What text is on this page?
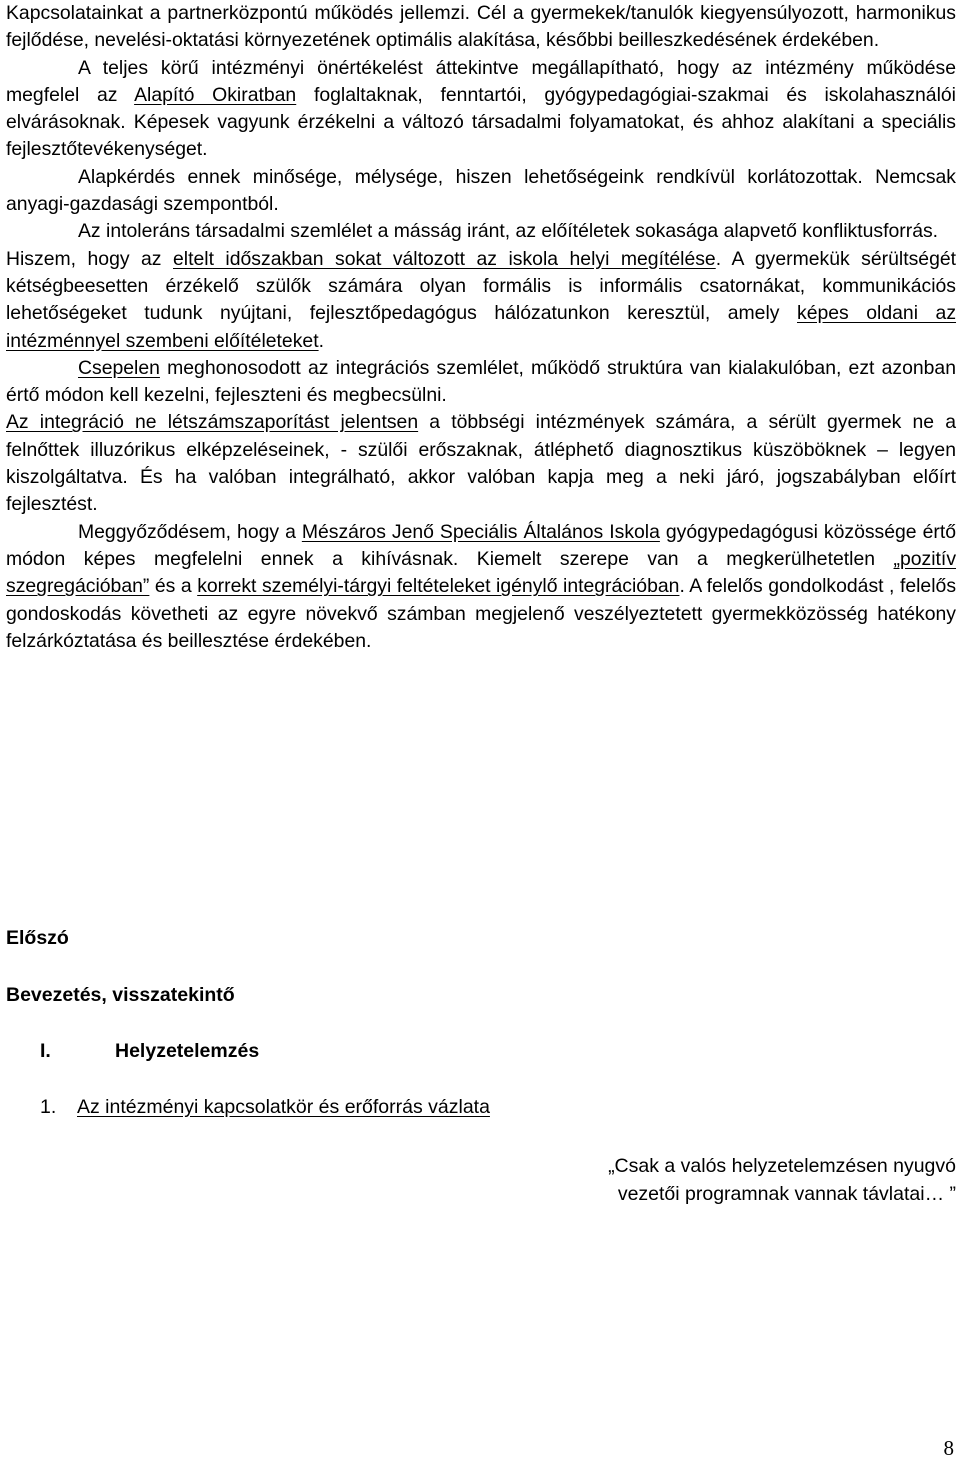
Kapcsolatainkat a partnerközpontú működés jellemzi. Cél a gyermekek/tanulók kiegyensúlyozott, harmonikus fejlődése, nevelési-oktatási környezetének optimális alakítása, későbbi beilleszkedésének érdekében.

A teljes körű intézményi önértékelést áttekintve megállapítható, hogy az intézmény működése megfelel az Alapító Okiratban foglaltaknak, fenntartói, gyógypedagógiai-szakmai és iskolahasználói elvárásoknak. Képesek vagyunk érzékelni a változó társadalmi folyamatokat, és ahhoz alakítani a speciális fejlesztőtevékenységet.

Alapkérdés ennek minősége, mélysége, hiszen lehetőségeink rendkívül korlátozottak. Nemcsak anyagi-gazdasági szempontból.

Az intoleráns társadalmi szemlélet a másság iránt, az előítéletek sokasága alapvető konfliktusforrás.

Hiszem, hogy az eltelt időszakban sokat változott az iskola helyi megítélése. A gyermekük sérültségét kétségbeesetten érzékelő szülők számára olyan formális is informális csatornákat, kommunikációs lehetőségeket tudunk nyújtani, fejlesztőpedagógus hálózatunkon keresztül, amely képes oldani az intézménnyel szembeni előítéleteket.

Csepelen meghonosodott az integrációs szemlélet, működő struktúra van kialakulóban, ezt azonban értő módon kell kezelni, fejleszteni és megbecsülni.

Az integráció ne létszámszaporítást jelentsen a többségi intézmények számára, a sérült gyermek ne a felnőttek illuzórikus elképzeléseinek, - szülői erőszaknak, átléphető diagnosztikus küszöböknek – legyen kiszolgáltatva. És ha valóban integrálható, akkor valóban kapja meg a neki járó, jogszabályban előírt fejlesztést.

Meggyőződésem, hogy a Mészáros Jenő Speciális Általános Iskola gyógypedagógusi közössége értő módon képes megfelelni ennek a kihívásnak. Kiemelt szerepe van a megkerülhetetlen „pozitív szegregációban” és a korrekt személyi-tárgyi feltételeket igénylő integrációban. A felelős gondolkodást , felelős gondoskodás követheti az egyre növekvő számban megjelenő veszélyeztetett gyermekközösség hatékony felzárkóztatása és beillesztése érdekében.

Előszó
Bevezetés, visszatekintő
I.	Helyzetelemzés
1. Az intézményi kapcsolatkör és erőforrás vázlata
„Csak a valós helyzetelemzésen nyugvó
vezetői programnak vannak távlatai… ”
8
